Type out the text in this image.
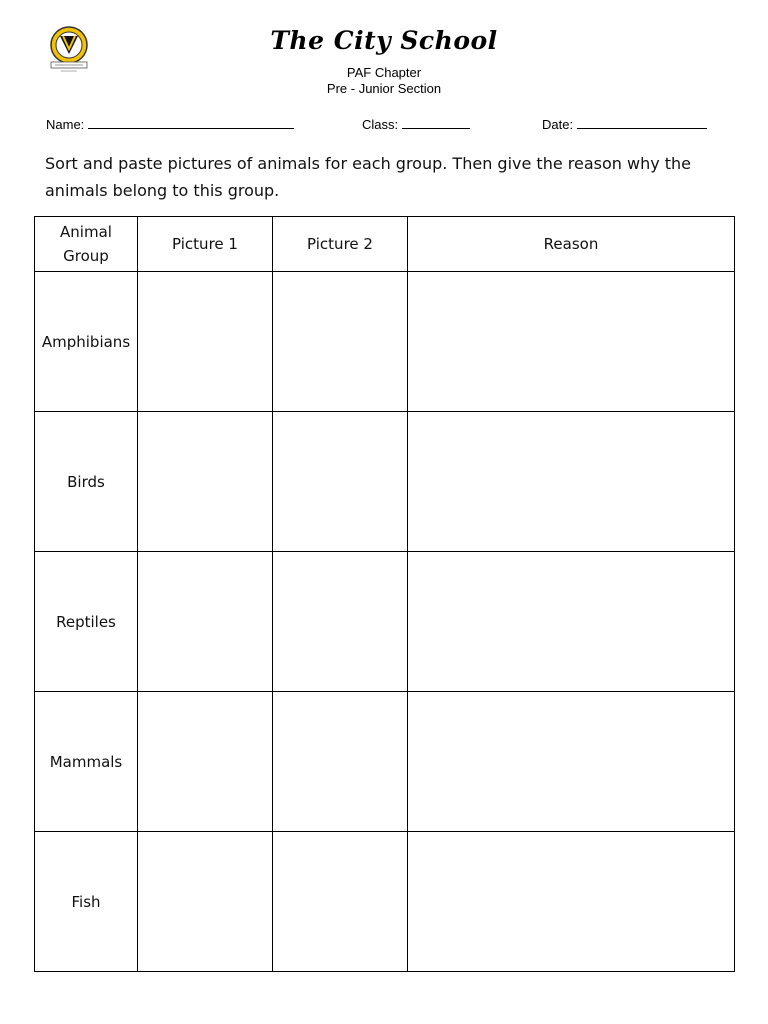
The City School
PAF Chapter
Pre - Junior Section
Name:	Class:	Date:
Sort and paste pictures of animals for each group. Then give the reason why the animals belong to this group.
Animal Group	Picture 1	Picture 2	Reason
Amphibians			
Birds			
Reptiles			
Mammals			
Fish			
